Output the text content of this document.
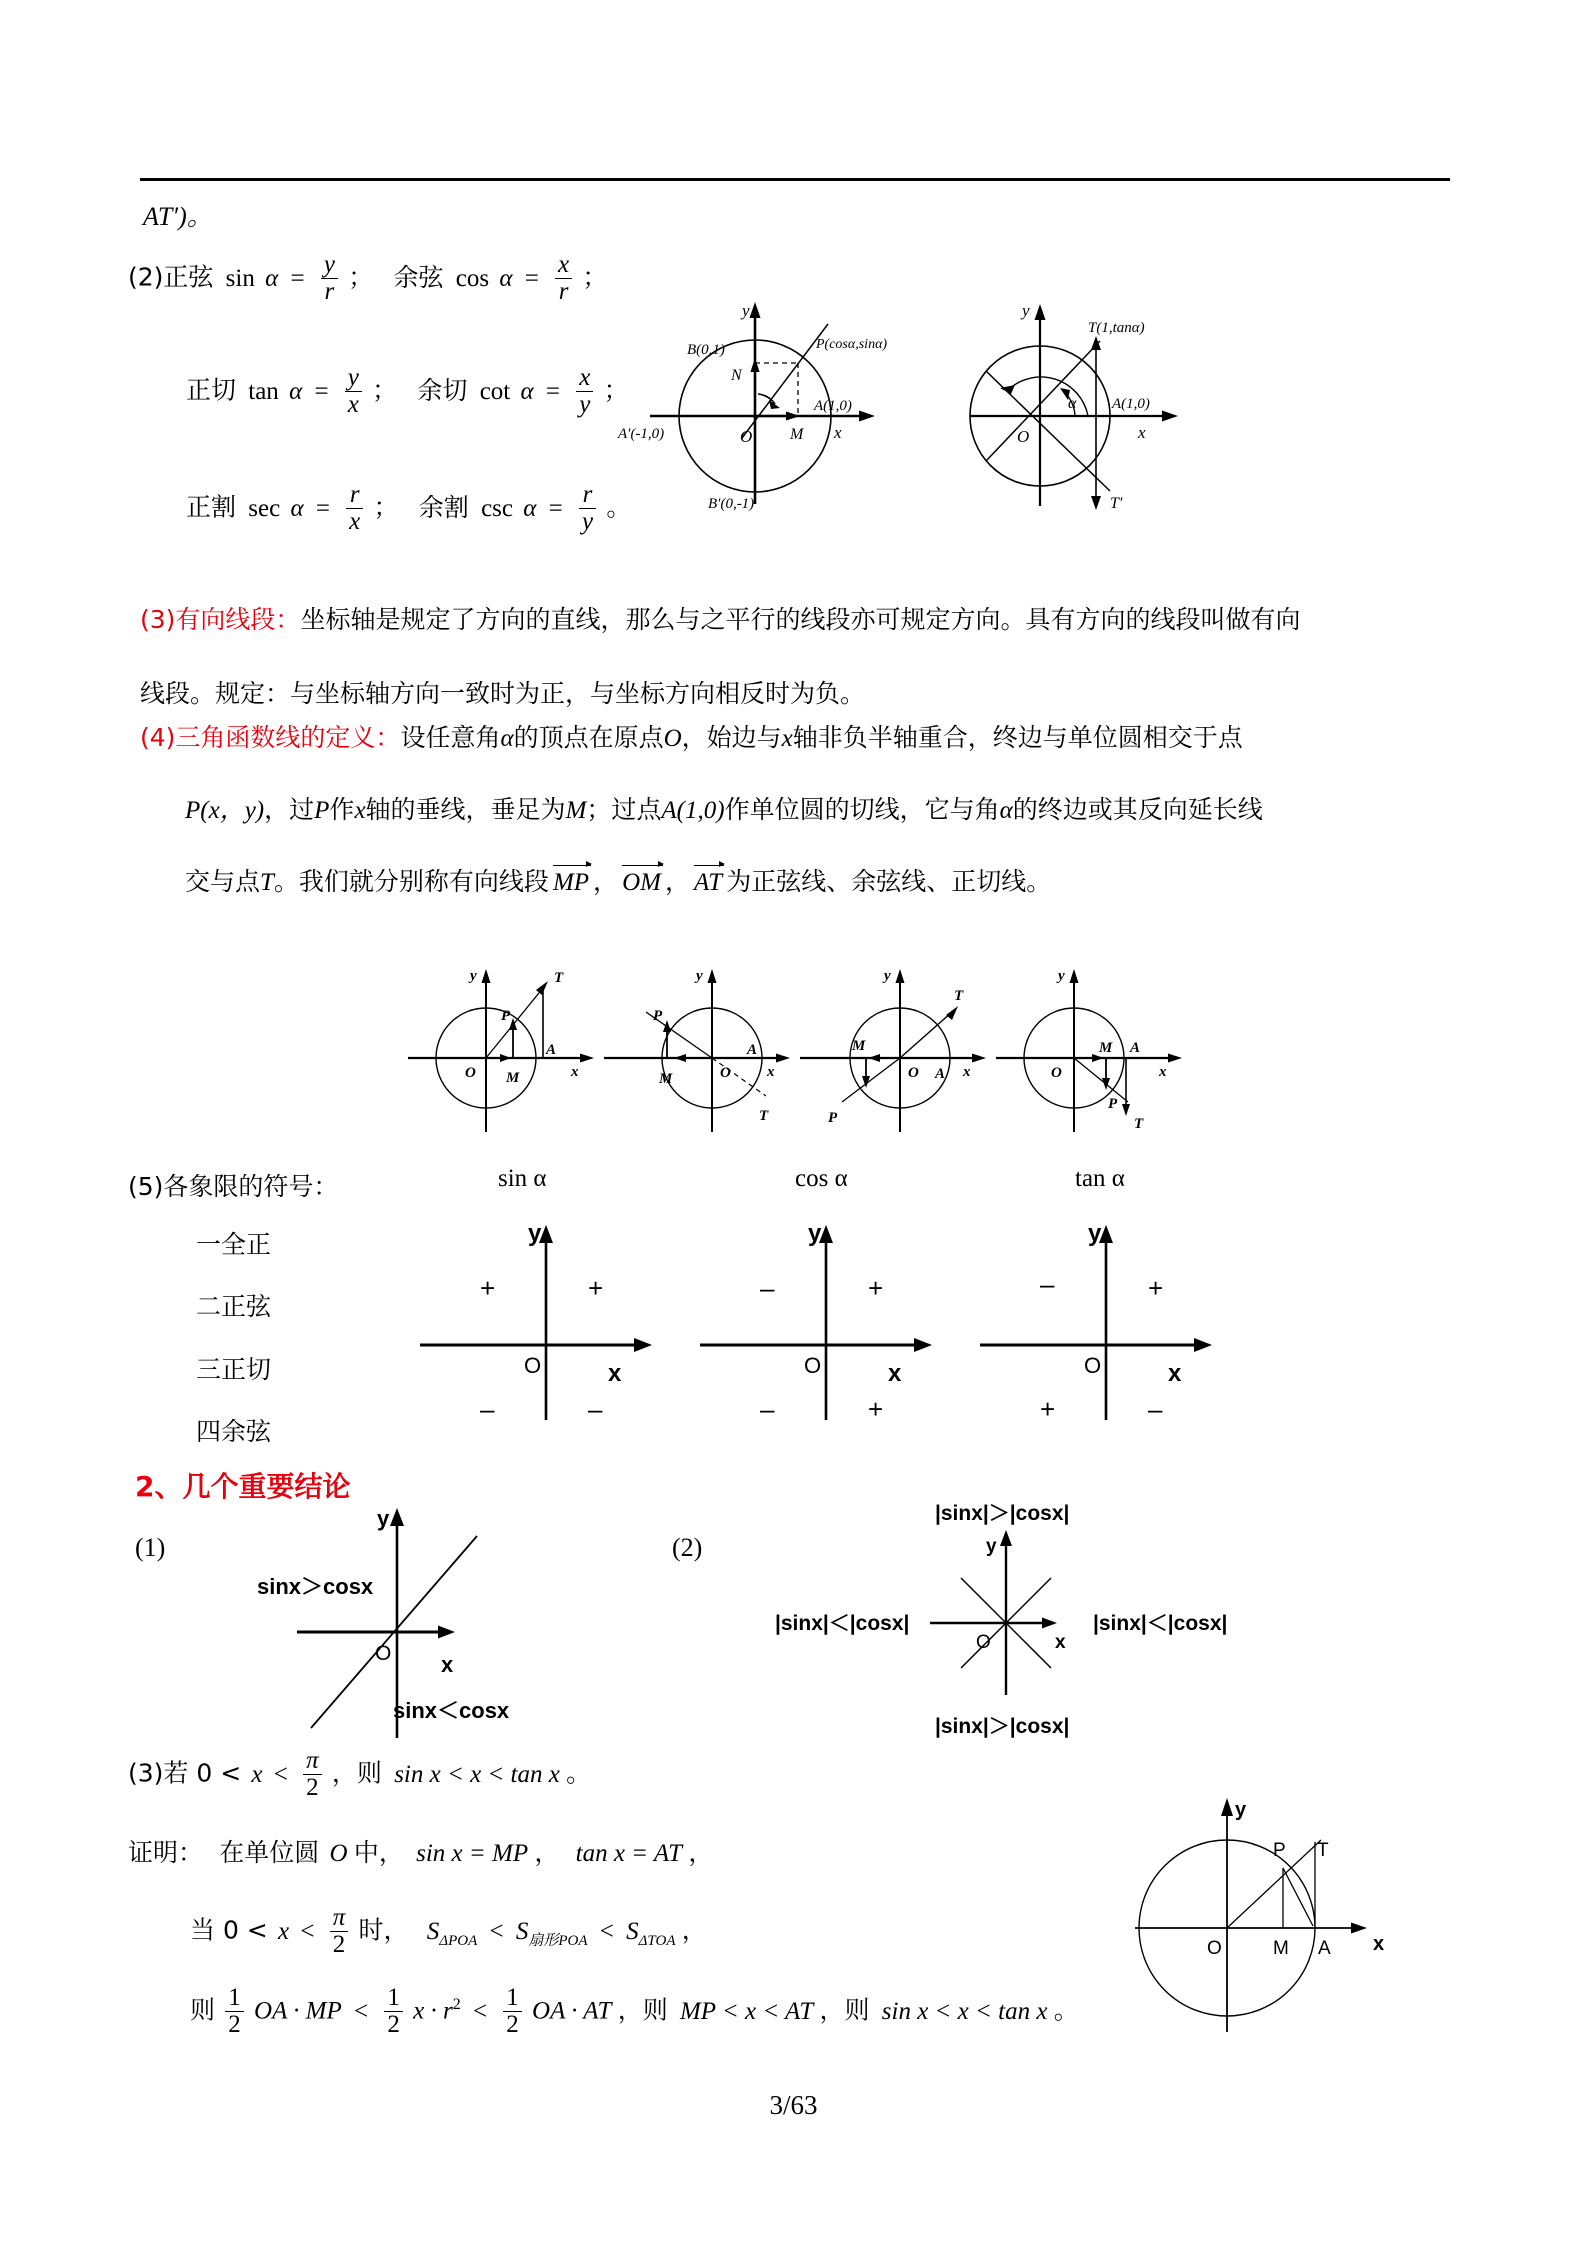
AT′)。
(2)正弦 $\sin \alpha = \frac{y}{r}$ ； 余弦 $\cos \alpha = \frac{x}{r}$ ；
正切 $\tan \alpha = \frac{y}{x}$ ； 余切 $\cot \alpha = \frac{x}{y}$ ；
正割 $\sec \alpha = \frac{r}{x}$ ； 余割 $\csc \alpha = \frac{r}{y}$ 。
y
x
O
B(0,1)
B′(0,-1)
A(1,0)
A′(-1,0)
N
M
P(cosα,sinα)
y
x
O
T(1,tanα)
T′
A(1,0)
α
(3)有向线段：坐标轴是规定了方向的直线，那么与之平行的线段亦可规定方向。具有方向的线段叫做有向
线段。规定：与坐标轴方向一致时为正，与坐标方向相反时为负。
(4)三角函数线的定义：设任意角α的顶点在原点O，始边与x轴非负半轴重合，终边与单位圆相交于点
P(x，y)，过P作x轴的垂线，垂足为M；过点A(1,0)作单位圆的切线，它与角α的终边或其反向延长线
交与点T。我们就分别称有向线段 MP ， OM ， AT 为正弦线、余弦线、正切线。
y
x
O M
P
A
T	y
x
O
M
P
A
T
y
x
O
M
P
A
T
y
x
O
M
P
A
T
(5)各象限的符号：	sin α	cos α	tan α
一全正
二正弦
三正切
四余弦
y
x
O
+	+
–	–
y
x
O
–	+
–	+
y
x
O
–	+
+	–
2、几个重要结论
(1)	(2)
y
x
O
sinx＞cosx
sinx＜cosx
y
x
O
|sinx|＞|cosx|
|sinx|＞|cosx|
|sinx|＜|cosx|	|sinx|＜|cosx|
(3)若 $0 < x < \frac{\pi}{2}$ ，则 sin x < x < tan x 。
证明： 在单位圆 O 中， sin x = MP ， tan x = AT ，
当 $0 < x < \frac{\pi}{2}$ 时， $S_{\Delta POA} < S_{扇形POA} < S_{\Delta TOA}$ ，
则 $\frac{1}{2}$ OA · MP < $\frac{1}{2}$ $x \cdot r^2 < \frac{1}{2}$ OA · AT ，则 MP < x < AT ，则 sin x < x < tan x 。
y
x
O	M A
P T
3/63
